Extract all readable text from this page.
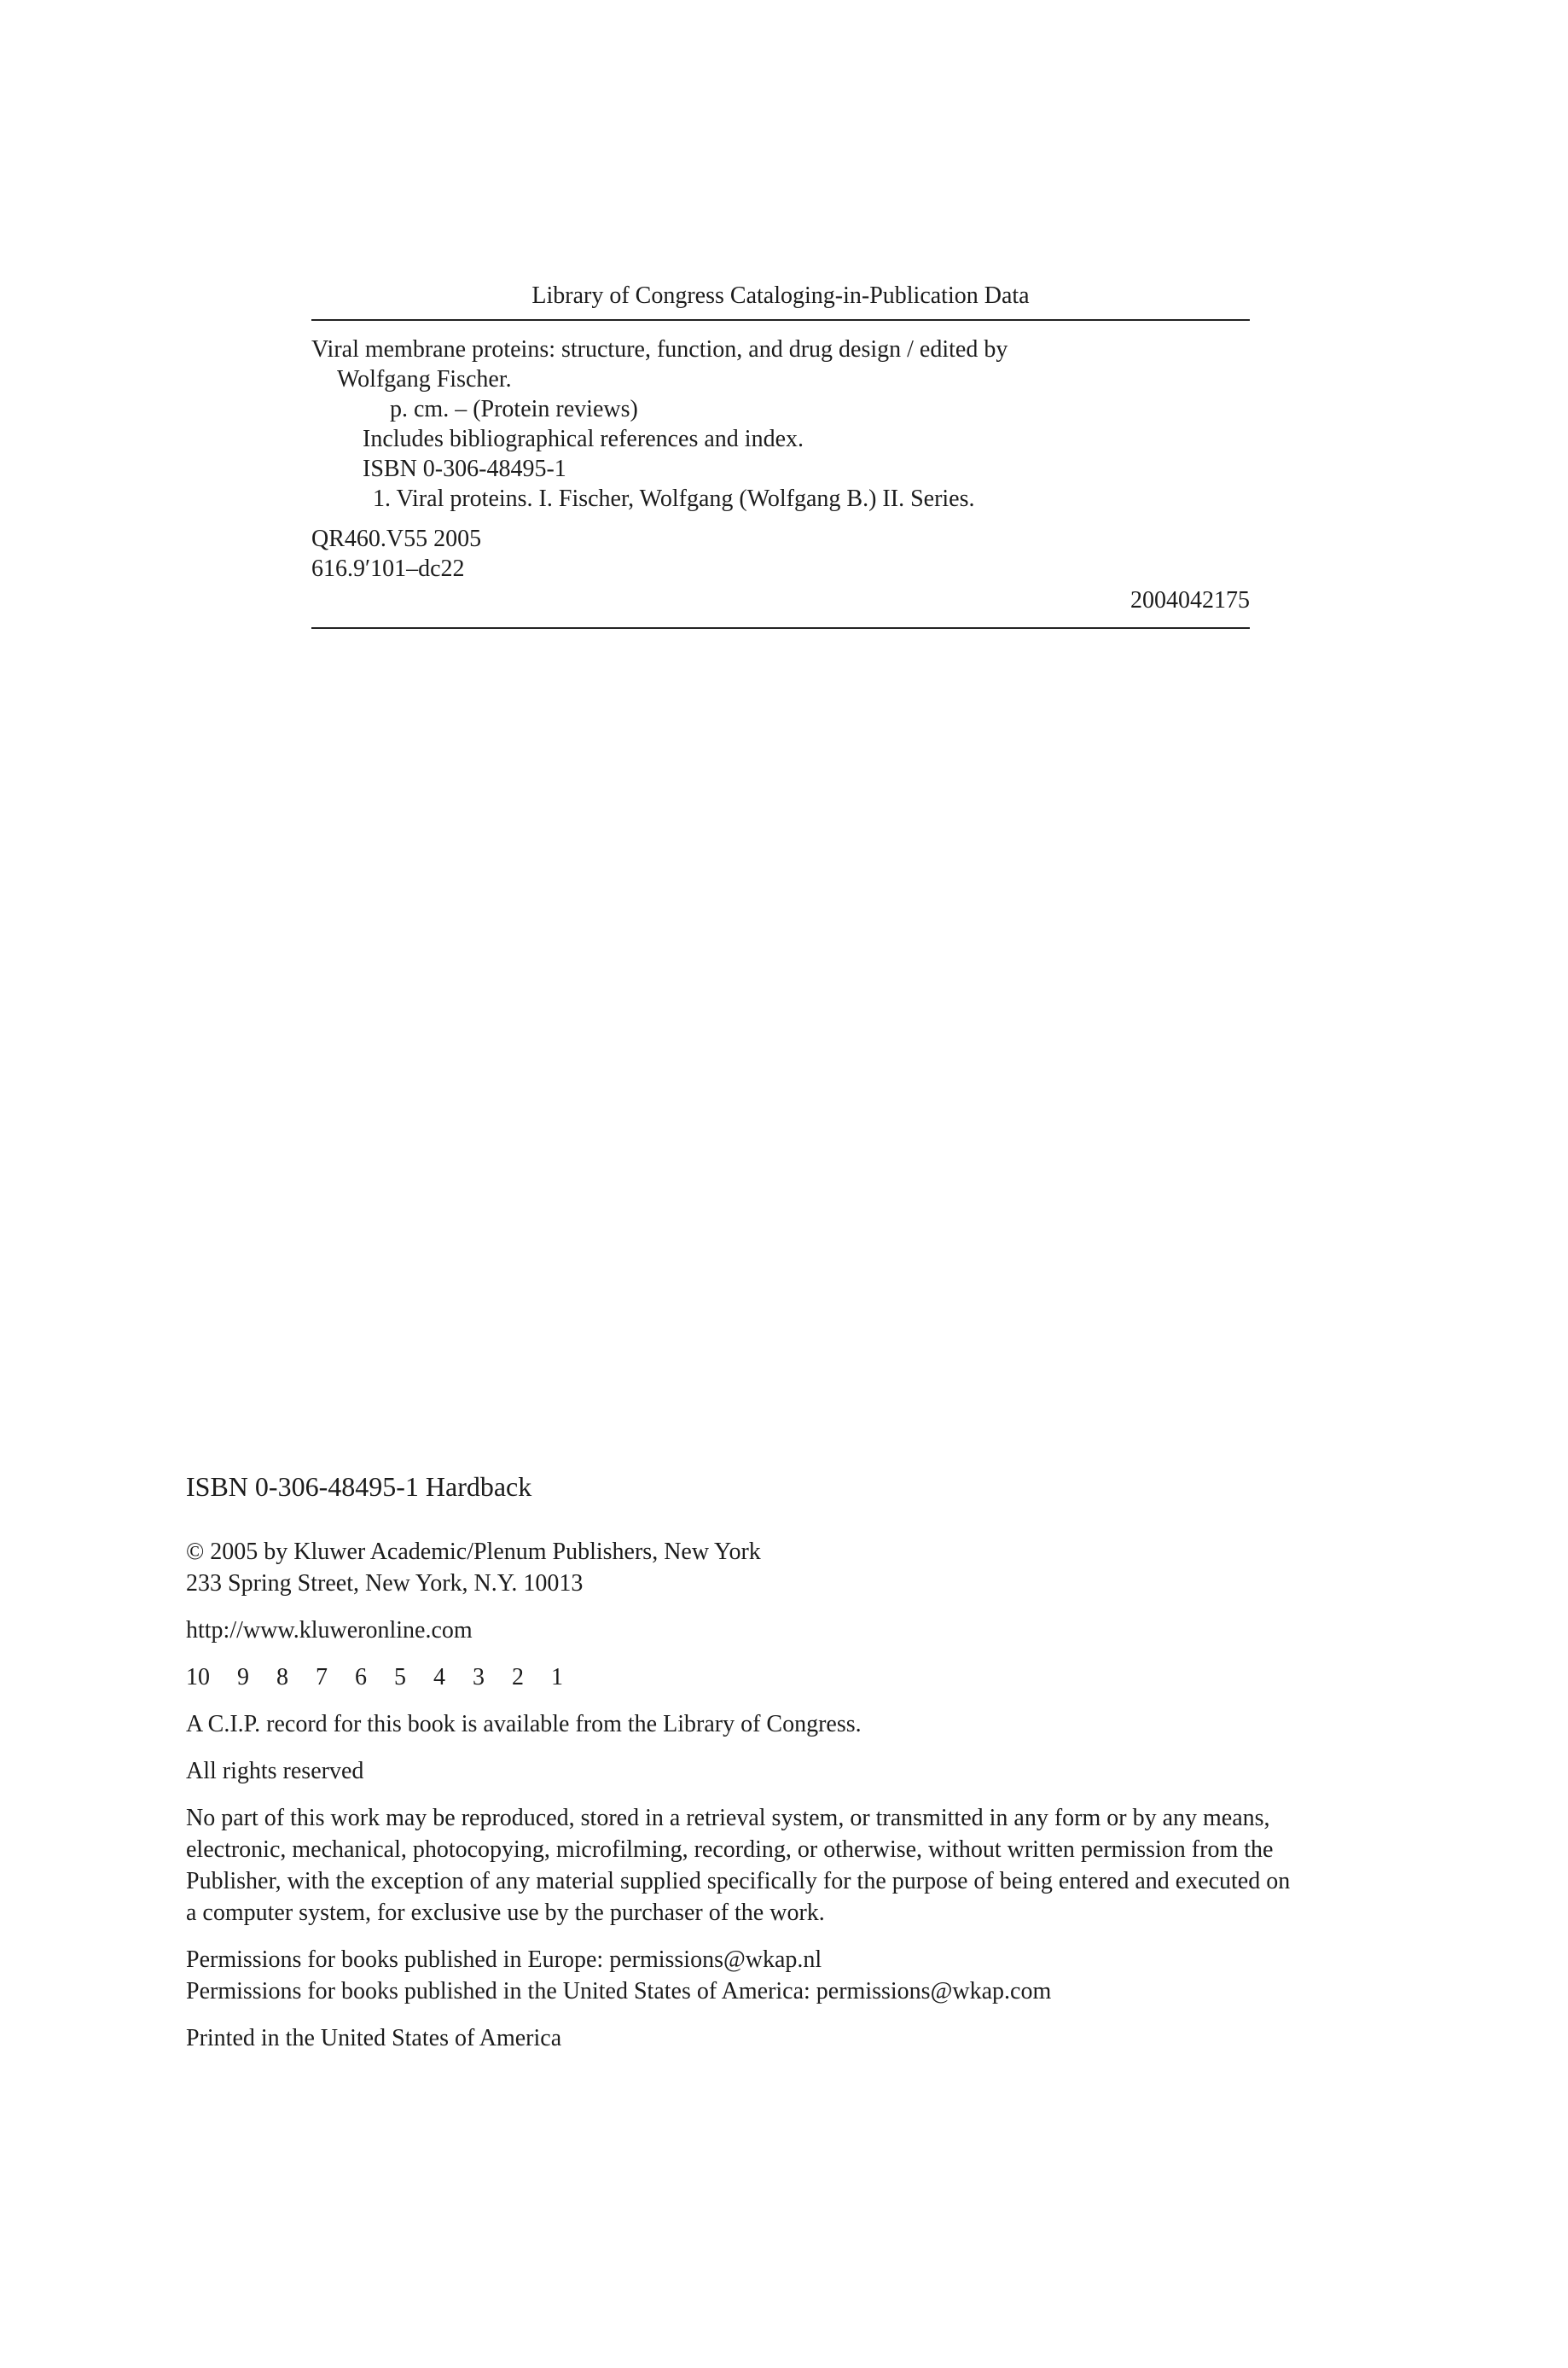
Library of Congress Cataloging-in-Publication Data
Viral membrane proteins: structure, function, and drug design / edited by
Wolfgang Fischer.
p. cm. – (Protein reviews)
Includes bibliographical references and index.
ISBN 0-306-48495-1
1. Viral proteins. I. Fischer, Wolfgang (Wolfgang B.) II. Series.
QR460.V55 2005
616.9′101–dc22
2004042175
ISBN 0-306-48495-1 Hardback
© 2005 by Kluwer Academic/Plenum Publishers, New York
233 Spring Street, New York, N.Y. 10013
http://www.kluweronline.com
10 9 8 7 6 5 4 3 2 1
A C.I.P. record for this book is available from the Library of Congress.
All rights reserved
No part of this work may be reproduced, stored in a retrieval system, or transmitted in any form or by any means, electronic, mechanical, photocopying, microfilming, recording, or otherwise, without written permission from the Publisher, with the exception of any material supplied specifically for the purpose of being entered and executed on a computer system, for exclusive use by the purchaser of the work.
Permissions for books published in Europe: permissions@wkap.nl
Permissions for books published in the United States of America: permissions@wkap.com
Printed in the United States of America
